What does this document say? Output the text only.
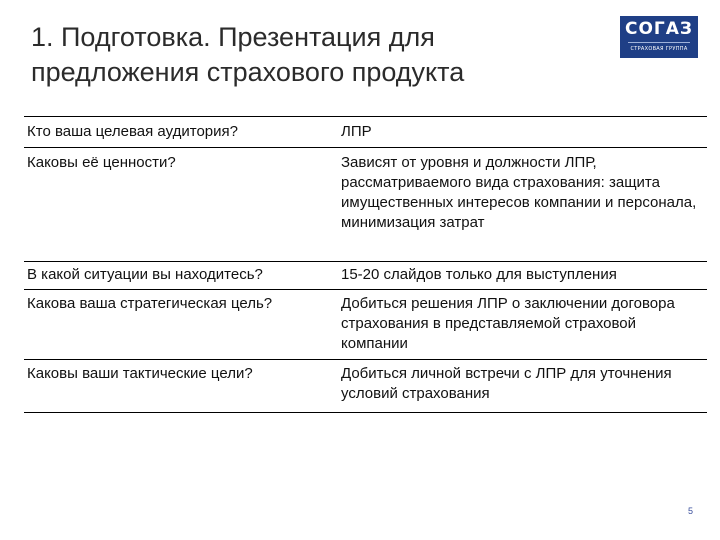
1. Подготовка. Презентация для
предложения страхового продукта
СОГАЗ
СТРАХОВАЯ ГРУППА
Кто ваша целевая аудитория?	ЛПР
Каковы её ценности?	Зависят от уровня и должности ЛПР, рассматриваемого вида страхования: защита имущественных интересов компании и персонала, минимизация затрат
В какой ситуации вы находитесь?	15-20 слайдов только для выступления
Какова ваша стратегическая цель?	Добиться решения ЛПР о заключении договора страхования в представляемой страховой компании
Каковы ваши тактические цели?	Добиться личной встречи с ЛПР для уточнения условий страхования
5
